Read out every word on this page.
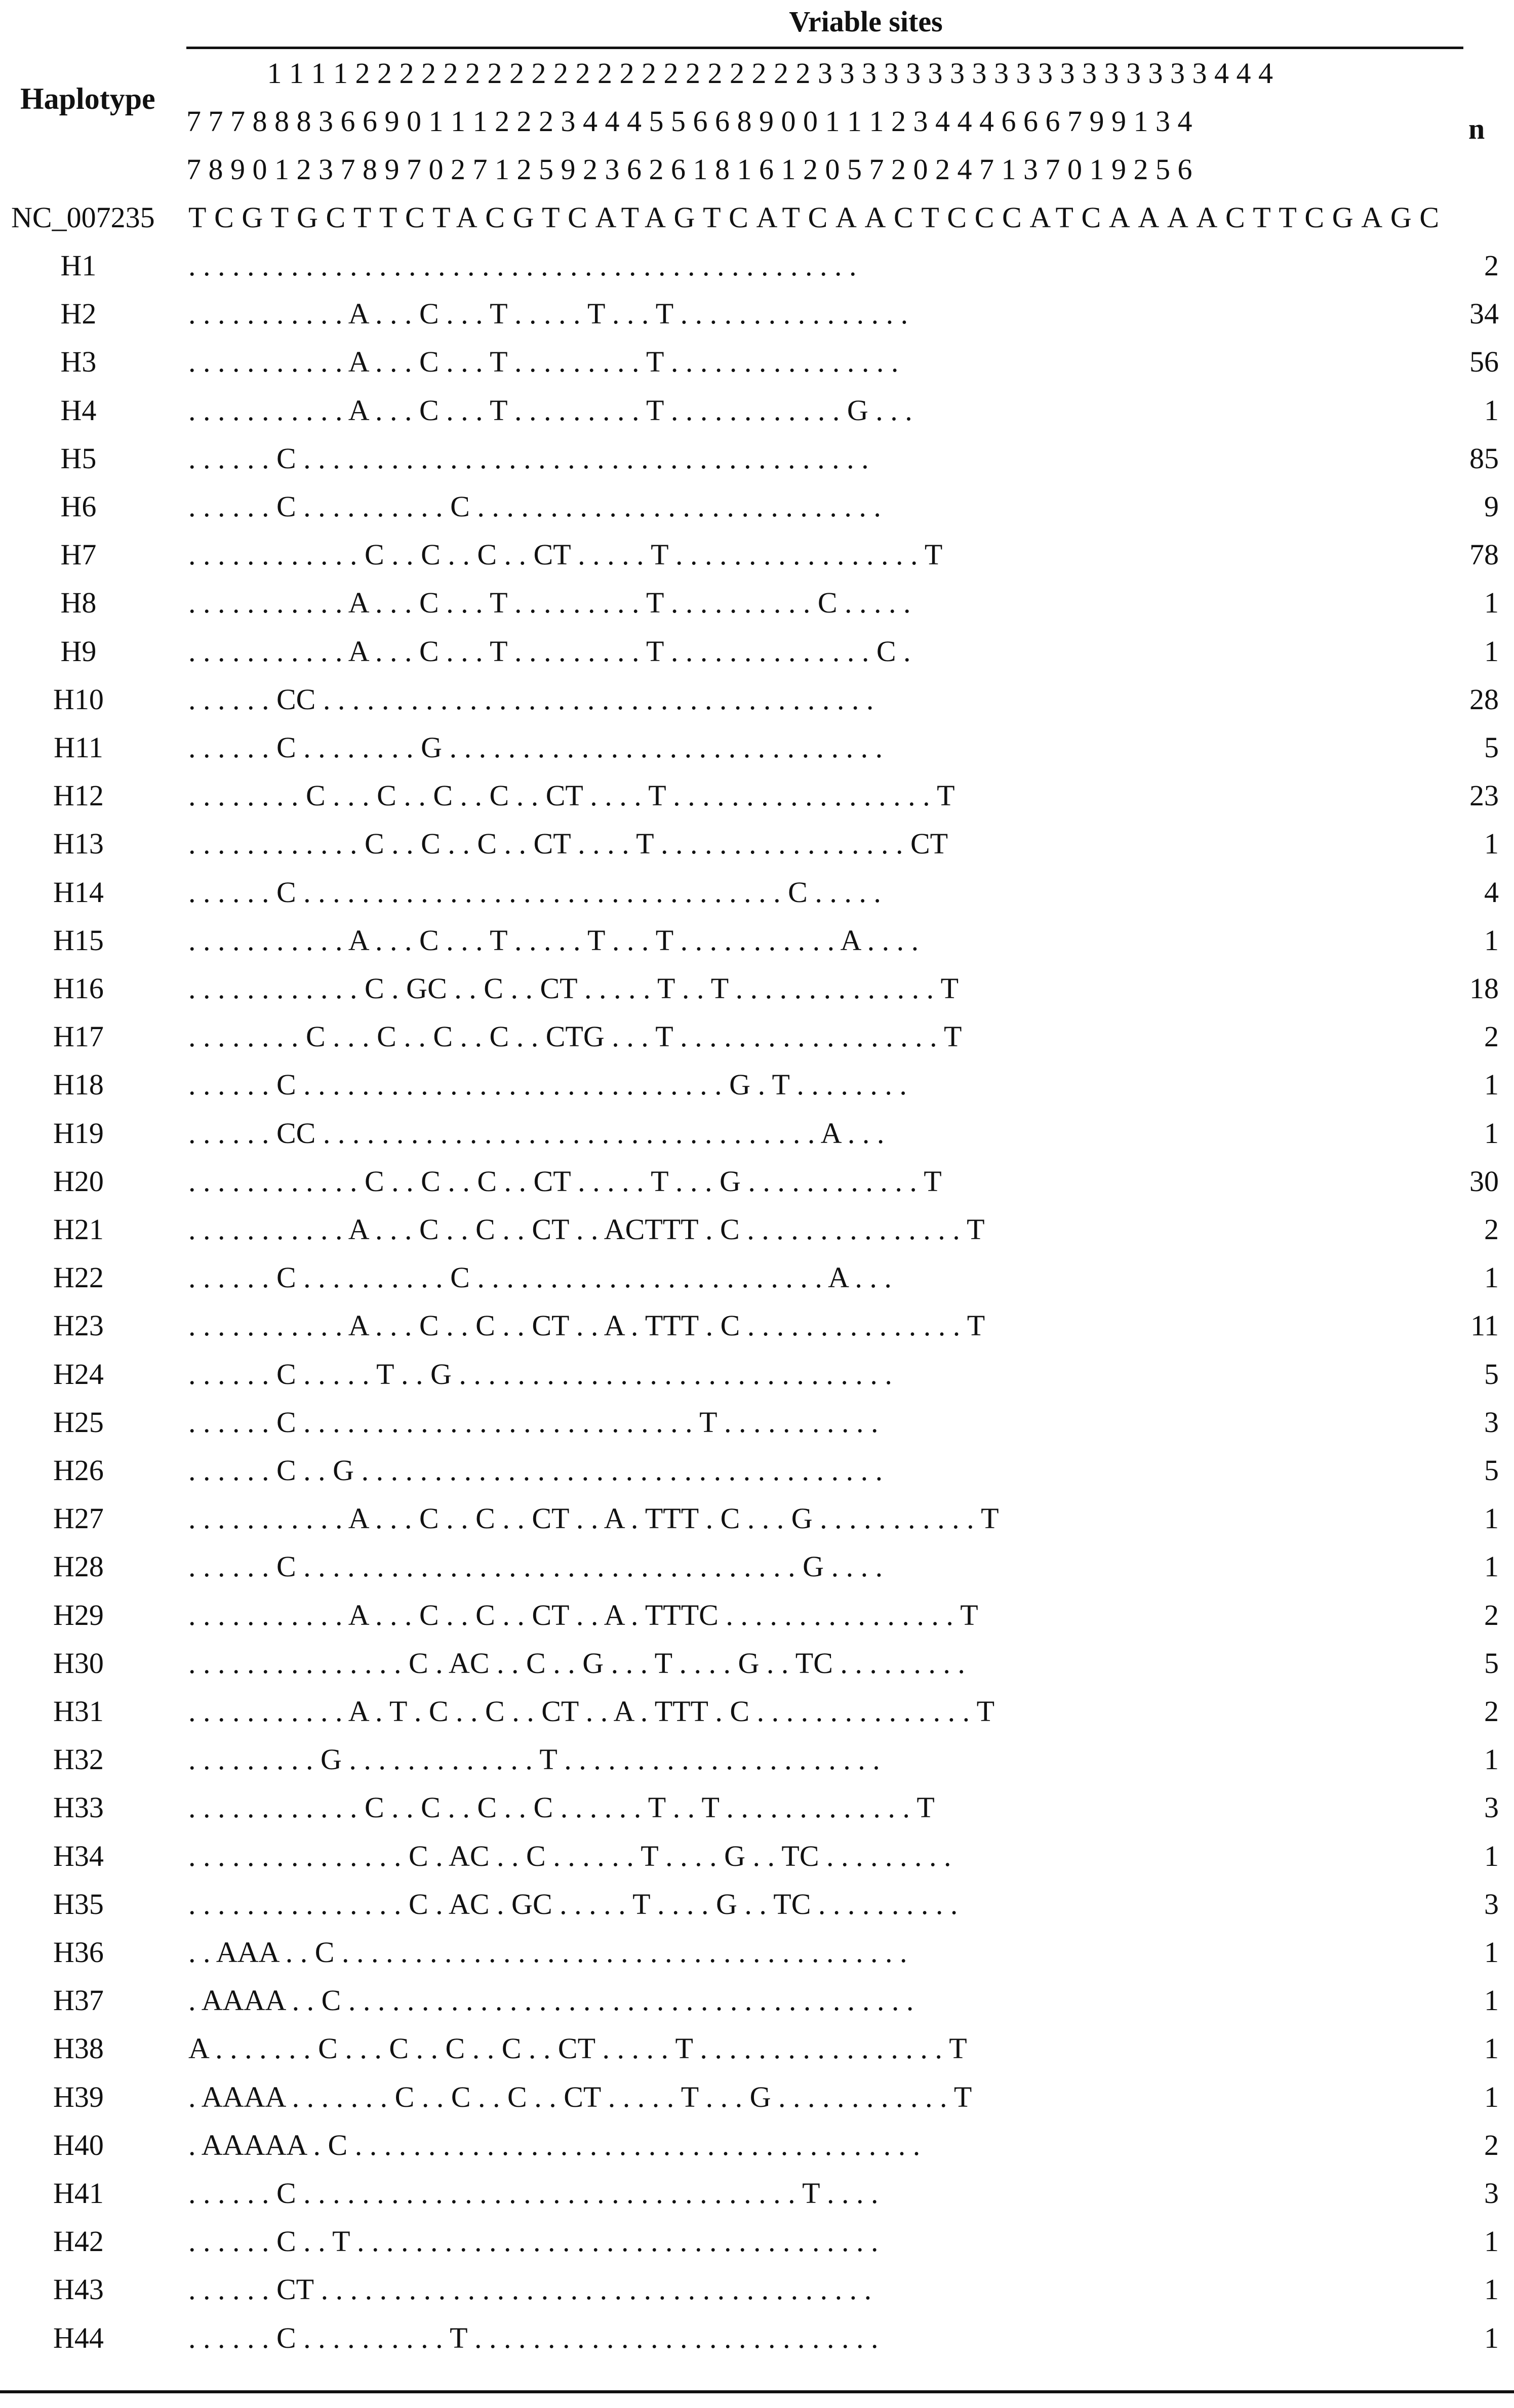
Vriable sites
Haplotype
n
1 1 1 1 2 2 2 2 2 2 2 2 2 2 2 2 2 2 2 2 2 2 2 2 2 3 3 3 3 3 3 3 3 3 3 3 3 3 3 3 3 3 3 4 4 4
7 7 7 8 8 8 3 6 6 9 0 1 1 1 2 2 2 3 4 4 4 5 5 6 6 8 9 0 0 1 1 1 2 3 4 4 4 6 6 6 7 9 9 1 3 4
7 8 9 0 1 2 3 7 8 9 7 0 2 7 1 2 5 9 2 3 6 2 6 1 8 1 6 1 2 0 5 7 2 0 2 4 7 1 3 7 0 1 9 2 5 6
NC_007235 TCGTGCTTCTACGTCATAGTCATCAACTCCCATCAAAACTTCGAGC
H1	. . . . . . . . . . . . . . . . . . . . . . . . . . . . . . . . . . . . . . . . . . . . . .	2
H2	. . . . . . . . . . . A . . . C . . . T . . . . . T . . . T . . . . . . . . . . . . . . . .	34
H3	. . . . . . . . . . . A . . . C . . . T . . . . . . . . . T . . . . . . . . . . . . . . . .	56
H4	. . . . . . . . . . . A . . . C . . . T . . . . . . . . . T . . . . . . . . . . . . G . . .	1
H5	. . . . . . C . . . . . . . . . . . . . . . . . . . . . . . . . . . . . . . . . . . . . . .	85
H6	. . . . . . C . . . . . . . . . . C . . . . . . . . . . . . . . . . . . . . . . . . . . . .	9
H7	. . . . . . . . . . . . C . . C . . C . . CT . . . . . T . . . . . . . . . . . . . . . . . T	78
H8	. . . . . . . . . . . A . . . C . . . T . . . . . . . . . T . . . . . . . . . . C . . . . .	1
H9	. . . . . . . . . . . A . . . C . . . T . . . . . . . . . T . . . . . . . . . . . . . . C .	1
H10	. . . . . . CC . . . . . . . . . . . . . . . . . . . . . . . . . . . . . . . . . . . . . .	28
H11	. . . . . . C . . . . . . . . G . . . . . . . . . . . . . . . . . . . . . . . . . . . . . .	5
H12	. . . . . . . . C . . . C . . C . . C . . CT . . . . T . . . . . . . . . . . . . . . . . . T	23
H13	. . . . . . . . . . . . C . . C . . C . . CT . . . . T . . . . . . . . . . . . . . . . . CT	1
H14	. . . . . . C . . . . . . . . . . . . . . . . . . . . . . . . . . . . . . . . . C . . . . .	4
H15	. . . . . . . . . . . A . . . C . . . T . . . . . T . . . T . . . . . . . . . . . A . . . .	1
H16	. . . . . . . . . . . . C . GC . . C . . CT . . . . . T . . T . . . . . . . . . . . . . . T	18
H17	. . . . . . . . C . . . C . . C . . C . . CTG . . . T . . . . . . . . . . . . . . . . . . T	2
H18	. . . . . . C . . . . . . . . . . . . . . . . . . . . . . . . . . . . . G . T . . . . . . . .	1
H19	. . . . . . CC . . . . . . . . . . . . . . . . . . . . . . . . . . . . . . . . . . A . . .	1
H20	. . . . . . . . . . . . C . . C . . C . . CT . . . . . T . . . G . . . . . . . . . . . . T	30
H21	. . . . . . . . . . . A . . . C . . C . . CT . . ACTTT . C . . . . . . . . . . . . . . . T	2
H22	. . . . . . C . . . . . . . . . . C . . . . . . . . . . . . . . . . . . . . . . . . A . . .	1
H23	. . . . . . . . . . . A . . . C . . C . . CT . . A . TTT . C . . . . . . . . . . . . . . . T	11
H24	. . . . . . C . . . . . T . . G . . . . . . . . . . . . . . . . . . . . . . . . . . . . . .	5
H25	. . . . . . C . . . . . . . . . . . . . . . . . . . . . . . . . . . T . . . . . . . . . . .	3
H26	. . . . . . C . . G . . . . . . . . . . . . . . . . . . . . . . . . . . . . . . . . . . . .	5
H27	. . . . . . . . . . . A . . . C . . C . . CT . . A . TTT . C . . . G . . . . . . . . . . . T	1
H28	. . . . . . C . . . . . . . . . . . . . . . . . . . . . . . . . . . . . . . . . . G . . . .	1
H29	. . . . . . . . . . . A . . . C . . C . . CT . . A . TTTC . . . . . . . . . . . . . . . . T	2
H30	. . . . . . . . . . . . . . . C . AC . . C . . G . . . T . . . . G . . TC . . . . . . . . .	5
H31	. . . . . . . . . . . A . T . C . . C . . CT . . A . TTT . C . . . . . . . . . . . . . . . T	2
H32	. . . . . . . . . G . . . . . . . . . . . . . T . . . . . . . . . . . . . . . . . . . . . .	1
H33	. . . . . . . . . . . . C . . C . . C . . C . . . . . . T . . T . . . . . . . . . . . . . T	3
H34	. . . . . . . . . . . . . . . C . AC . . C . . . . . . T . . . . G . . TC . . . . . . . . .	1
H35	. . . . . . . . . . . . . . . C . AC . GC . . . . . T . . . . G . . TC . . . . . . . . . .	3
H36	. . AAA . . C . . . . . . . . . . . . . . . . . . . . . . . . . . . . . . . . . . . . . . .	1
H37	. AAAA . . C . . . . . . . . . . . . . . . . . . . . . . . . . . . . . . . . . . . . . . .	1
H38	A . . . . . . . C . . . C . . C . . C . . CT . . . . . T . . . . . . . . . . . . . . . . . T	1
H39	. AAAA . . . . . . . C . . C . . C . . CT . . . . . T . . . G . . . . . . . . . . . . T	1
H40	. AAAAA . C . . . . . . . . . . . . . . . . . . . . . . . . . . . . . . . . . . . . . . .	2
H41	. . . . . . C . . . . . . . . . . . . . . . . . . . . . . . . . . . . . . . . . . T . . . .	3
H42	. . . . . . C . . T . . . . . . . . . . . . . . . . . . . . . . . . . . . . . . . . . . . .	1
H43	. . . . . . CT . . . . . . . . . . . . . . . . . . . . . . . . . . . . . . . . . . . . . .	1
H44	. . . . . . C . . . . . . . . . . T . . . . . . . . . . . . . . . . . . . . . . . . . . . .	1
